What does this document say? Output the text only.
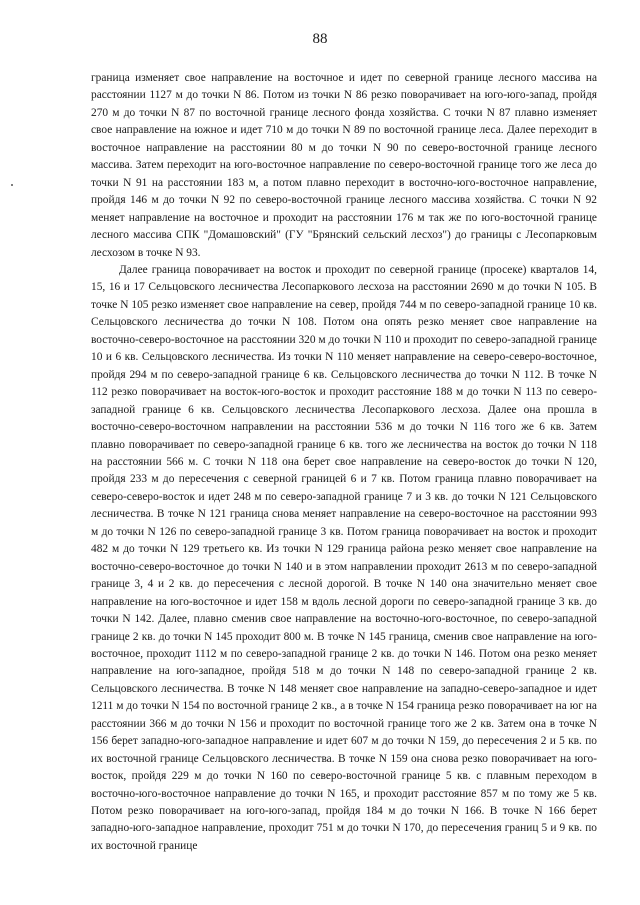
88

граница изменяет свое направление на восточное и идет по северной границе лесного массива на расстоянии 1127 м до точки N 86. Потом из точки N 86 резко поворачивает на юго-юго-запад, пройдя 270 м до точки N 87 по восточной границе лесного фонда хозяйства. С точки N 87 плавно изменяет свое направление на южное и идет 710 м до точки N 89 по восточной границе леса. Далее переходит в восточное направление на расстоянии 80 м до точки N 90 по северо-восточной границе лесного массива. Затем переходит на юго-восточное направление по северо-восточной границе того же леса до точки N 91 на расстоянии 183 м, а потом плавно переходит в восточно-юго-восточное направление, пройдя 146 м до точки N 92 по северо-восточной границе лесного массива хозяйства. С точки N 92 меняет направление на восточное и проходит на расстоянии 176 м так же по юго-восточной границе лесного массива СПК "Домашовский" (ГУ "Брянский сельский лесхоз") до границы с Лесопарковым лесхозом в точке N 93.

Далее граница поворачивает на восток и проходит по северной границе (просеке) кварталов 14, 15, 16 и 17 Сельцовского лесничества Лесопаркового лесхоза на расстоянии 2690 м до точки N 105. В точке N 105 резко изменяет свое направление на север, пройдя 744 м по северо-западной границе 10 кв. Сельцовского лесничества до точки N 108. Потом она опять резко меняет свое направление на восточно-северо-восточное на расстоянии 320 м до точки N 110 и проходит по северо-западной границе 10 и 6 кв. Сельцовского лесничества. Из точки N 110 меняет направление на северо-северо-восточное, пройдя 294 м по северо-западной границе 6 кв. Сельцовского лесничества до точки N 112. В точке N 112 резко поворачивает на восток-юго-восток и проходит расстояние 188 м до точки N 113 по северо-западной границе 6 кв. Сельцовского лесничества Лесопаркового лесхоза. Далее она прошла в восточно-северо-восточном направлении на расстоянии 536 м до точки N 116 того же 6 кв. Затем плавно поворачивает по северо-западной границе 6 кв. того же лесничества на восток до точки N 118 на расстоянии 566 м. С точки N 118 она берет свое направление на северо-восток до точки N 120, пройдя 233 м до пересечения с северной границей 6 и 7 кв. Потом граница плавно поворачивает на северо-северо-восток и идет 248 м по северо-западной границе 7 и 3 кв. до точки N 121 Сельцовского лесничества. В точке N 121 граница снова меняет направление на северо-восточное на расстоянии 993 м до точки N 126 по северо-западной границе 3 кв. Потом граница поворачивает на восток и проходит 482 м до точки N 129 третьего кв. Из точки N 129 граница района резко меняет свое направление на восточно-северо-восточное до точки N 140 и в этом направлении проходит 2613 м по северо-западной границе 3, 4 и 2 кв. до пересечения с лесной дорогой. В точке N 140 она значительно меняет свое направление на юго-восточное и идет 158 м вдоль лесной дороги по северо-западной границе 3 кв. до точки N 142. Далее, плавно сменив свое направление на восточно-юго-восточное, по северо-западной границе 2 кв. до точки N 145 проходит 800 м. В точке N 145 граница, сменив свое направление на юго-восточное, проходит 1112 м по северо-западной границе 2 кв. до точки N 146. Потом она резко меняет направление на юго-западное, пройдя 518 м до точки N 148 по северо-западной границе 2 кв. Сельцовского лесничества. В точке N 148 меняет свое направление на западно-северо-западное и идет 1211 м до точки N 154 по восточной границе 2 кв., а в точке N 154 граница резко поворачивает на юг на расстоянии 366 м до точки N 156 и проходит по восточной границе того же 2 кв. Затем она в точке N 156 берет западно-юго-западное направление и идет 607 м до точки N 159, до пересечения 2 и 5 кв. по их восточной границе Сельцовского лесничества. В точке N 159 она снова резко поворачивает на юго-восток, пройдя 229 м до точки N 160 по северо-восточной границе 5 кв. с плавным переходом в восточно-юго-восточное направление до точки N 165, и проходит расстояние 857 м по тому же 5 кв. Потом резко поворачивает на юго-юго-запад, пройдя 184 м до точки N 166. В точке N 166 берет западно-юго-западное направление, проходит 751 м до точки N 170, до пересечения границ 5 и 9 кв. по их восточной границе
